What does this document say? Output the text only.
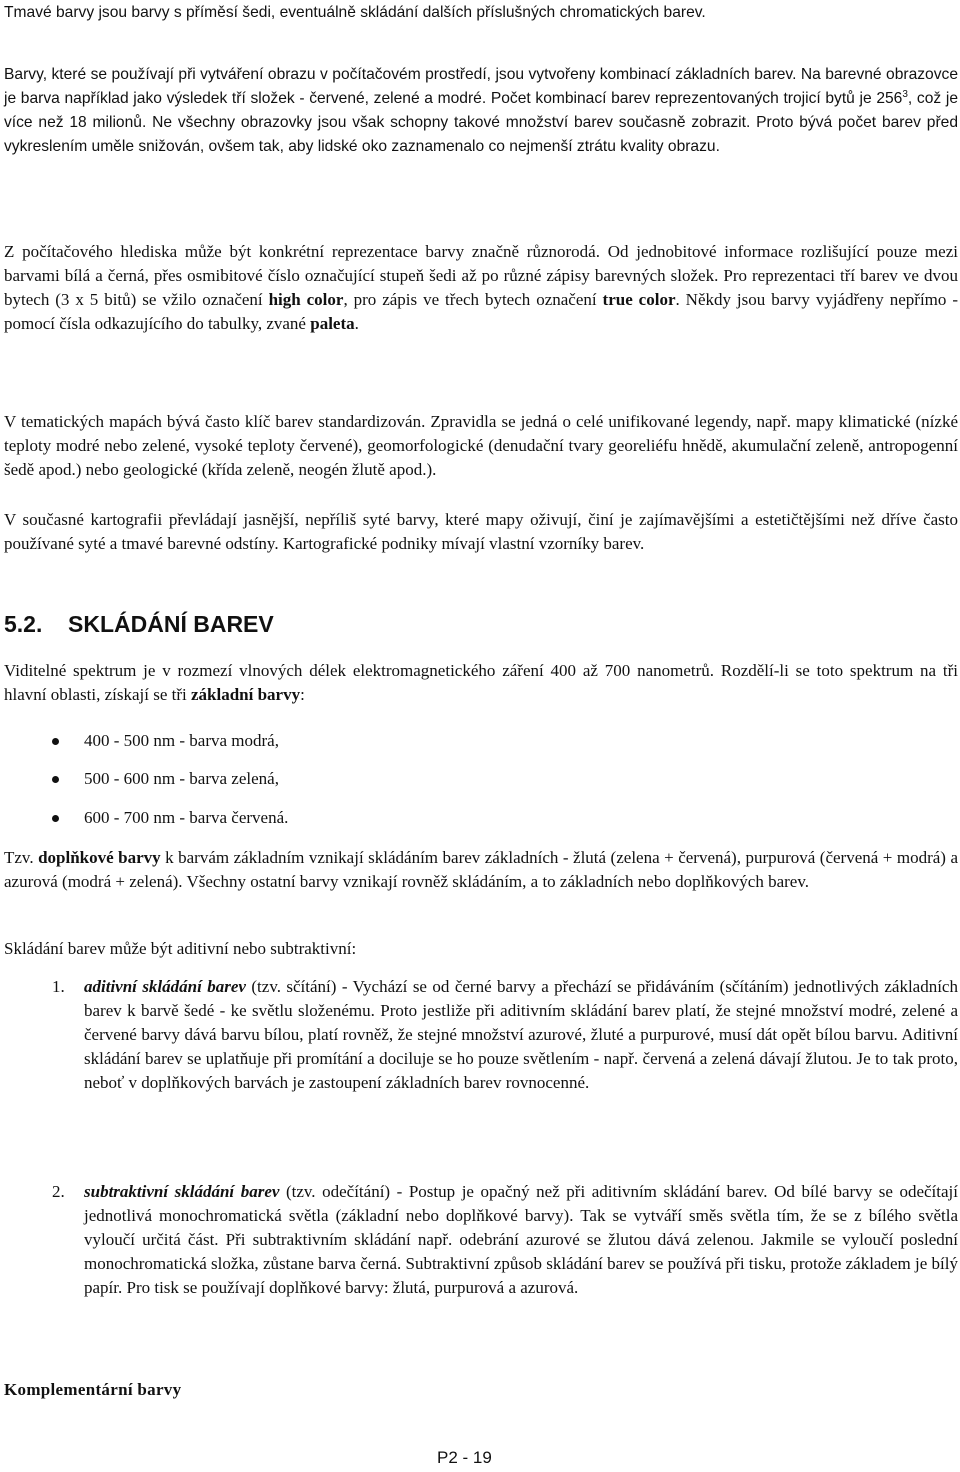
Tmavé barvy jsou barvy s příměsí šedi, eventuálně skládání dalších příslušných chromatických barev.

Barvy, které se používají při vytváření obrazu v počítačovém prostředí, jsou vytvořeny kombinací základních barev. Na barevné obrazovce je barva například jako výsledek tří složek - červené, zelené a modré. Počet kombinací barev reprezentovaných trojicí bytů je $256^3$, což je více než 18 milionů. Ne všechny obrazovky jsou však schopny takové množství barev současně zobrazit. Proto bývá počet barev před vykreslením uměle snižován, ovšem tak, aby lidské oko zaznamenalo co nejmenší ztrátu kvality obrazu.

Z počítačového hlediska může být konkrétní reprezentace barvy značně různorodá. Od jednobitové informace rozlišující pouze mezi barvami bílá a černá, přes osmibitové číslo označující stupeň šedi až po různé zápisy barevných složek. Pro reprezentaci tří barev ve dvou bytech (3 x 5 bitů) se vžilo označení high color, pro zápis ve třech bytech označení true color. Někdy jsou barvy vyjádřeny nepřímo - pomocí čísla odkazujícího do tabulky, zvané paleta.

V tematických mapách bývá často klíč barev standardizován. Zpravidla se jedná o celé unifikované legendy, např. mapy klimatické (nízké teploty modré nebo zelené, vysoké teploty červené), geomorfologické (denudační tvary georeliéfu hnědě, akumulační zeleně, antropogenní šedě apod.) nebo geologické (křída zeleně, neogén žlutě apod.).

V současné kartografii převládají jasnější, nepříliš syté barvy, které mapy oživují, činí je zajímavějšími a estetičtějšími než dříve často používané syté a tmavé barevné odstíny. Kartografické podniky mívají vlastní vzorníky barev.

5.2. SKLÁDÁNÍ BAREV

Viditelné spektrum je v rozmezí vlnových délek elektromagnetického záření 400 až 700 nanometrů. Rozdělí-li se toto spektrum na tři hlavní oblasti, získají se tři základní barvy:

400 - 500 nm - barva modrá,
500 - 600 nm - barva zelená,
600 - 700 nm - barva červená.

Tzv. doplňkové barvy k barvám základním vznikají skládáním barev základních - žlutá (zelena + červená), purpurová (červená + modrá) a azurová (modrá + zelená). Všechny ostatní barvy vznikají rovněž skládáním, a to základních nebo doplňkových barev.

Skládání barev může být aditivní nebo subtraktivní:

1.	aditivní skládání barev (tzv. sčítání) - Vychází se od černé barvy a přechází se přidáváním (sčítáním) jednotlivých základních barev k barvě šedé - ke světlu složenému. Proto jestliže při aditivním skládání barev platí, že stejné množství modré, zelené a červené barvy dává barvu bílou, platí rovněž, že stejné množství azurové, žluté a purpurové, musí dát opět bílou barvu. Aditivní skládání barev se uplatňuje při promítání a dociluje se ho pouze světlením - např. červená a zelená dávají žlutou. Je to tak proto, neboť v doplňkových barvách je zastoupení základních barev rovnocenné.

2.	subtraktivní skládání barev (tzv. odečítání) - Postup je opačný než při aditivním skládání barev. Od bílé barvy se odečítají jednotlivá monochromatická světla (základní nebo doplňkové barvy). Tak se vytváří směs světla tím, že se z bílého světla vyloučí určitá část. Při subtraktivním skládání např. odebrání azurové se žlutou dává zelenou. Jakmile se vyloučí poslední monochromatická složka, zůstane barva černá. Subtraktivní způsob skládání barev se používá při tisku, protože základem je bílý papír. Pro tisk se používají doplňkové barvy: žlutá, purpurová a azurová.

Komplementární barvy
P2 - 19
